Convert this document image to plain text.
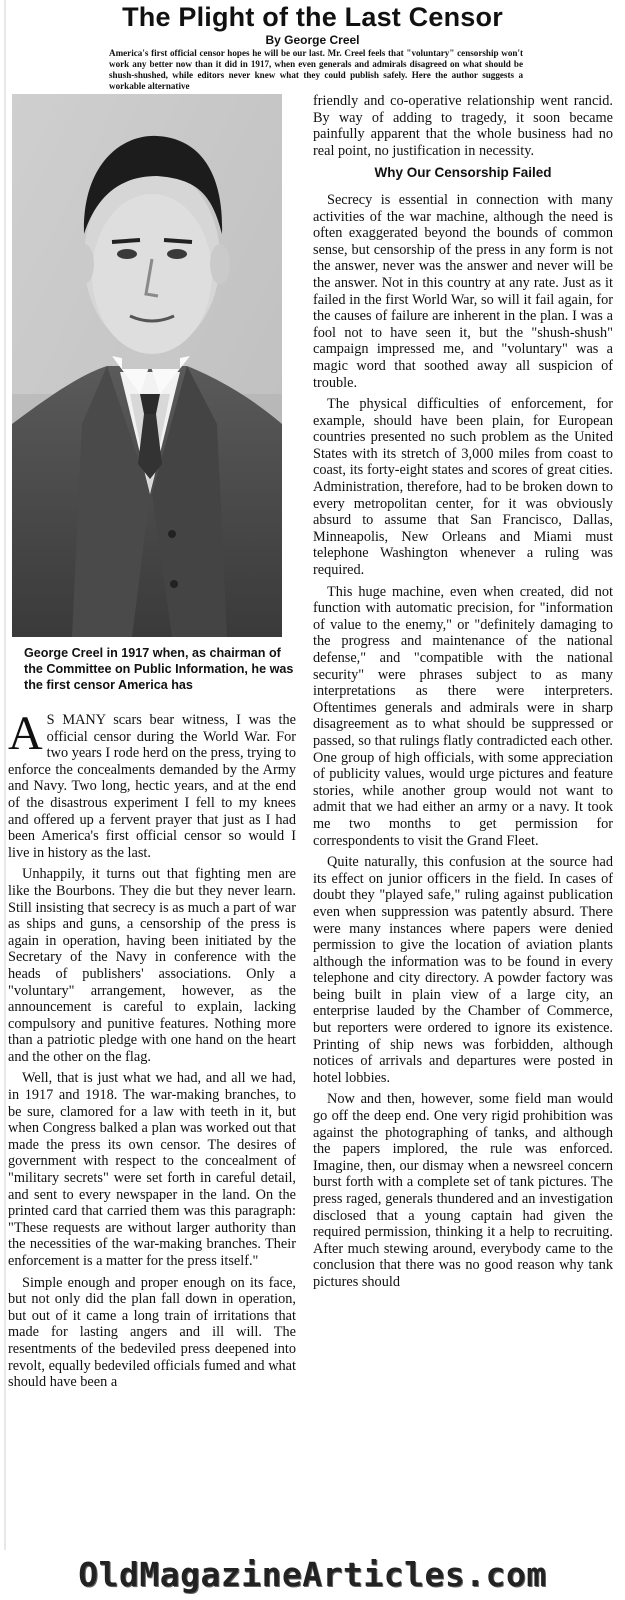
The Plight of the Last Censor
By George Creel
America's first official censor hopes he will be our last. Mr. Creel feels that "voluntary" censorship won't work any better now than it did in 1917, when even generals and admirals disagreed on what should be shush-shushed, while editors never knew what they could publish safely. Here the author suggests a workable alternative
George Creel in 1917 when, as chairman of the Committee on Public Information, he was the first censor America has

A S MANY scars bear witness, I was the official censor during the World War. For two years I rode herd on the press, trying to enforce the concealments demanded by the Army and Navy. Two long, hectic years, and at the end of the disastrous experiment I fell to my knees and offered up a fervent prayer that just as I had been America's first official censor so would I live in history as the last.

Unhappily, it turns out that fighting men are like the Bourbons. They die but they never learn. Still insisting that secrecy is as much a part of war as ships and guns, a censorship of the press is again in operation, having been initiated by the Secretary of the Navy in conference with the heads of publishers' associations. Only a "voluntary" arrangement, however, as the announcement is careful to explain, lacking compulsory and punitive features. Nothing more than a patriotic pledge with one hand on the heart and the other on the flag.

Well, that is just what we had, and all we had, in 1917 and 1918. The war-making branches, to be sure, clamored for a law with teeth in it, but when Congress balked a plan was worked out that made the press its own censor. The desires of government with respect to the concealment of "military secrets" were set forth in careful detail, and sent to every newspaper in the land. On the printed card that carried them was this paragraph: "These requests are without larger authority than the necessities of the war-making branches. Their enforcement is a matter for the press itself."

Simple enough and proper enough on its face, but not only did the plan fall down in operation, but out of it came a long train of irritations that made for lasting angers and ill will. The resentments of the bedeviled press deepened into revolt, equally bedeviled officials fumed and what should have been a

friendly and co-operative relationship went rancid. By way of adding to tragedy, it soon became painfully apparent that the whole business had no real point, no justification in necessity.

Why Our Censorship Failed

Secrecy is essential in connection with many activities of the war machine, although the need is often exaggerated beyond the bounds of common sense, but censorship of the press in any form is not the answer, never was the answer and never will be the answer. Not in this country at any rate. Just as it failed in the first World War, so will it fail again, for the causes of failure are inherent in the plan. I was a fool not to have seen it, but the "shush-shush" campaign impressed me, and "voluntary" was a magic word that soothed away all suspicion of trouble.

The physical difficulties of enforcement, for example, should have been plain, for European countries presented no such problem as the United States with its stretch of 3,000 miles from coast to coast, its forty-eight states and scores of great cities. Administration, therefore, had to be broken down to every metropolitan center, for it was obviously absurd to assume that San Francisco, Dallas, Minneapolis, New Orleans and Miami must telephone Washington whenever a ruling was required.

This huge machine, even when created, did not function with automatic precision, for "information of value to the enemy," or "definitely damaging to the progress and maintenance of the national defense," and "compatible with the national security" were phrases subject to as many interpretations as there were interpreters. Oftentimes generals and admirals were in sharp disagreement as to what should be suppressed or passed, so that rulings flatly contradicted each other. One group of high officials, with some appreciation of publicity values, would urge pictures and feature stories, while another group would not want to admit that we had either an army or a navy. It took me two months to get permission for correspondents to visit the Grand Fleet.

Quite naturally, this confusion at the source had its effect on junior officers in the field. In cases of doubt they "played safe," ruling against publication even when suppression was patently absurd. There were many instances where papers were denied permission to give the location of aviation plants although the information was to be found in every telephone and city directory. A powder factory was being built in plain view of a large city, an enterprise lauded by the Chamber of Commerce, but reporters were ordered to ignore its existence. Printing of ship news was forbidden, although notices of arrivals and departures were posted in hotel lobbies.

Now and then, however, some field man would go off the deep end. One very rigid prohibition was against the photographing of tanks, and although the papers implored, the rule was enforced. Imagine, then, our dismay when a newsreel concern burst forth with a complete set of tank pictures. The press raged, generals thundered and an investigation disclosed that a young captain had given the required permission, thinking it a help to recruiting. After much stewing around, everybody came to the conclusion that there was no good reason why tank pictures should

OldMagazineArticles.com
